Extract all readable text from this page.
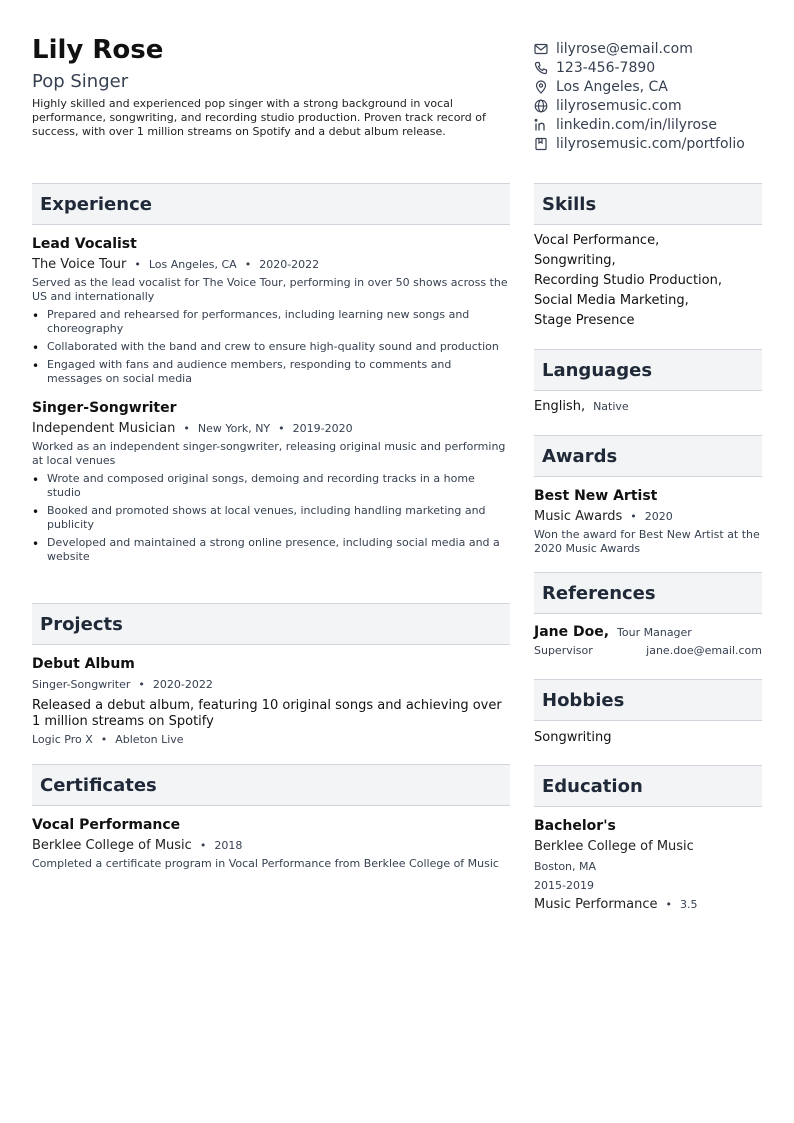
Lily Rose
Pop Singer
Highly skilled and experienced pop singer with a strong background in vocal performance, songwriting, and recording studio production. Proven track record of success, with over 1 million streams on Spotify and a debut album release.
lilyrose@email.com
123-456-7890
Los Angeles, CA
lilyrosemusic.com
linkedin.com/in/lilyrose
lilyrosemusic.com/portfolio
Experience
Lead Vocalist
The Voice Tour • Los Angeles, CA • 2020-2022
Served as the lead vocalist for The Voice Tour, performing in over 50 shows across the US and internationally
• Prepared and rehearsed for performances, including learning new songs and choreography
• Collaborated with the band and crew to ensure high-quality sound and production
• Engaged with fans and audience members, responding to comments and messages on social media
Singer-Songwriter
Independent Musician • New York, NY • 2019-2020
Worked as an independent singer-songwriter, releasing original music and performing at local venues
• Wrote and composed original songs, demoing and recording tracks in a home studio
• Booked and promoted shows at local venues, including handling marketing and publicity
• Developed and maintained a strong online presence, including social media and a website
Projects
Debut Album
Singer-Songwriter • 2020-2022
Released a debut album, featuring 10 original songs and achieving over 1 million streams on Spotify
Logic Pro X • Ableton Live
Certificates
Vocal Performance
Berklee College of Music • 2018
Completed a certificate program in Vocal Performance from Berklee College of Music
Skills
Vocal Performance,
Songwriting,
Recording Studio Production,
Social Media Marketing,
Stage Presence
Languages
English, Native
Awards
Best New Artist
Music Awards • 2020
Won the award for Best New Artist at the 2020 Music Awards
References
Jane Doe, Tour Manager
Supervisor	jane.doe@email.com
Hobbies
Songwriting
Education
Bachelor's
Berklee College of Music
Boston, MA
2015-2019
Music Performance • 3.5
